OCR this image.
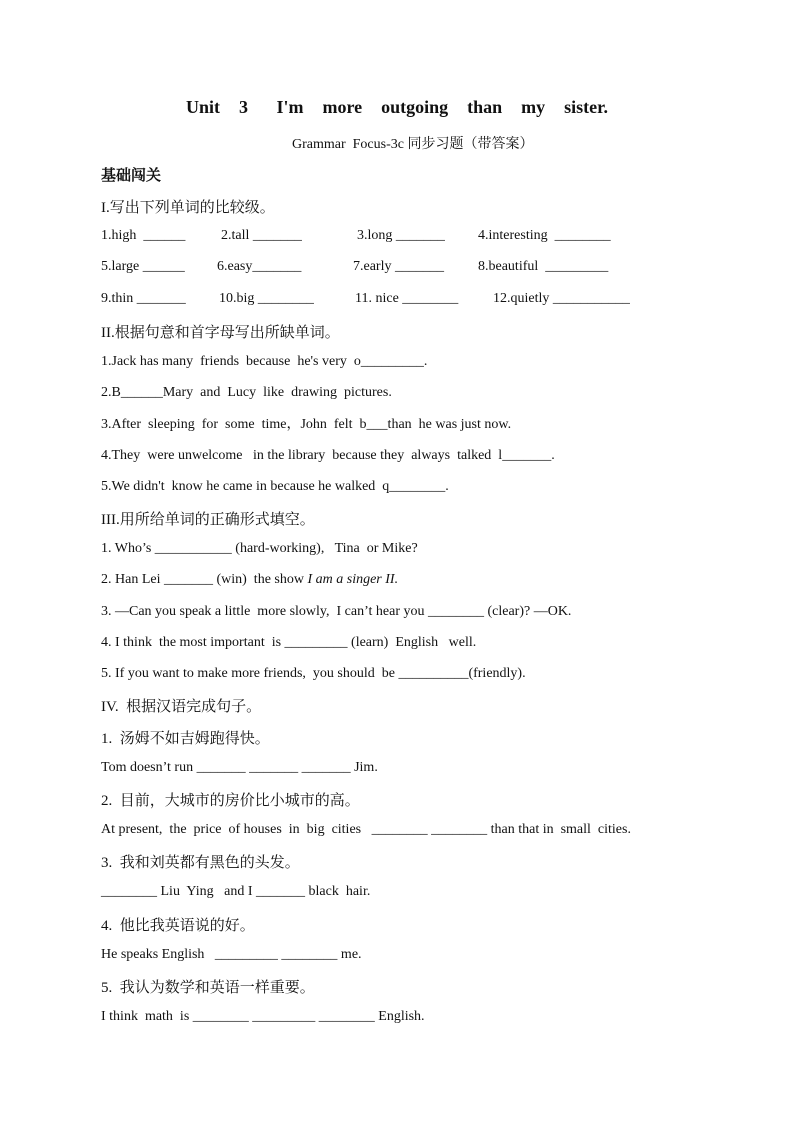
Unit  3   I'm  more  outgoing  than  my  sister.
Grammar  Focus-3c 同步习题（带答案）
基础闯关
I.写出下列单词的比较级。
1.high  ______	2.tall _______	3.long _______ 4.interesting  ________
5.large ______ 6.easy_______	7.early _______ 8.beautiful  _________
9.thin _______ 10.big ________	11. nice ________ 12.quietly ___________
II.根据句意和首字母写出所缺单词。
1.Jack has many  friends  because  he's very  o_________.
2.B______Mary  and  Lucy  like  drawing  pictures.
3.After  sleeping  for  some  time，John  felt  b___than  he was just now.
4.They  were unwelcome   in the library  because they  always  talked  l_______.
5.We didn't  know he came in because he walked  q________.
III.用所给单词的正确形式填空。
1. Who’s ___________ (hard-working),   Tina  or Mike?
2. Han Lei _______ (win)  the show I am a singer II.
3. —Can you speak a little  more slowly,  I can’t hear you ________ (clear)? —OK.
4. I think  the most important  is _________ (learn)  English   well.
5. If you want to make more friends,  you should  be __________(friendly).
IV.  根据汉语完成句子。
1.  汤姆不如吉姆跑得快。
Tom doesn’t run _______ _______ _______ Jim.
2.  目前，大城市的房价比小城市的高。
At present,  the  price  of houses  in  big  cities   ________ ________ than that in  small  cities.
3.  我和刘英都有黑色的头发。
________ Liu  Ying   and I _______ black  hair.
4.  他比我英语说的好。
He speaks English   _________ ________ me.
5.  我认为数学和英语一样重要。
I think  math  is ________ _________ ________ English.
